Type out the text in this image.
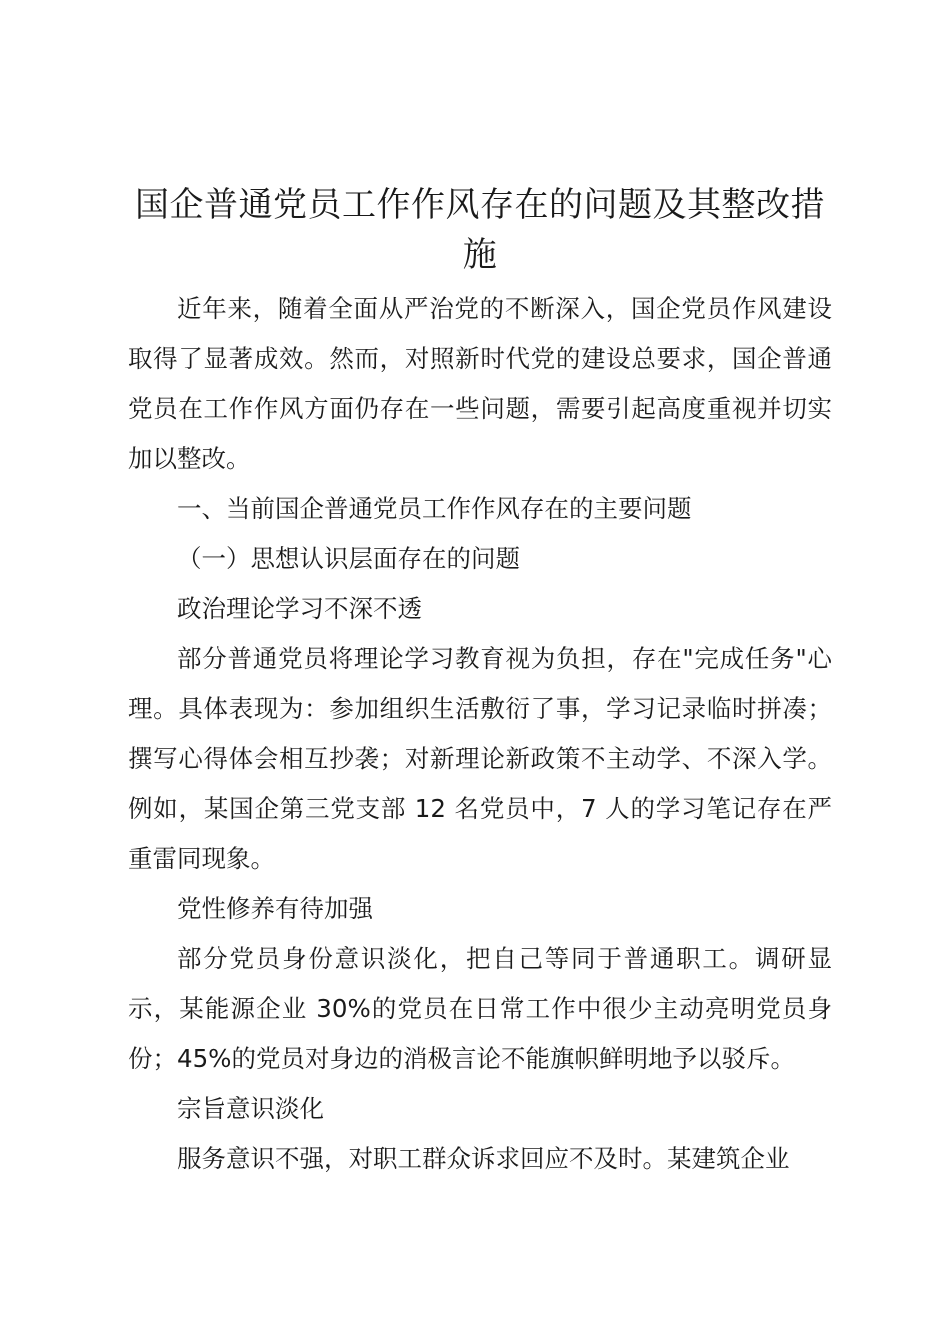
国企普通党员工作作风存在的问题及其整改措施

近年来，随着全面从严治党的不断深入，国企党员作风建设取得了显著成效。然而，对照新时代党的建设总要求，国企普通党员在工作作风方面仍存在一些问题，需要引起高度重视并切实加以整改。

一、当前国企普通党员工作作风存在的主要问题

（一）思想认识层面存在的问题

政治理论学习不深不透

部分普通党员将理论学习教育视为负担，存在"完成任务"心理。具体表现为：参加组织生活敷衍了事，学习记录临时拼凑；撰写心得体会相互抄袭；对新理论新政策不主动学、不深入学。例如，某国企第三党支部 12 名党员中，7 人的学习笔记存在严重雷同现象。

党性修养有待加强

部分党员身份意识淡化，把自己等同于普通职工。调研显示，某能源企业 30%的党员在日常工作中很少主动亮明党员身份；45%的党员对身边的消极言论不能旗帜鲜明地予以驳斥。

宗旨意识淡化

服务意识不强，对职工群众诉求回应不及时。某建筑企业
